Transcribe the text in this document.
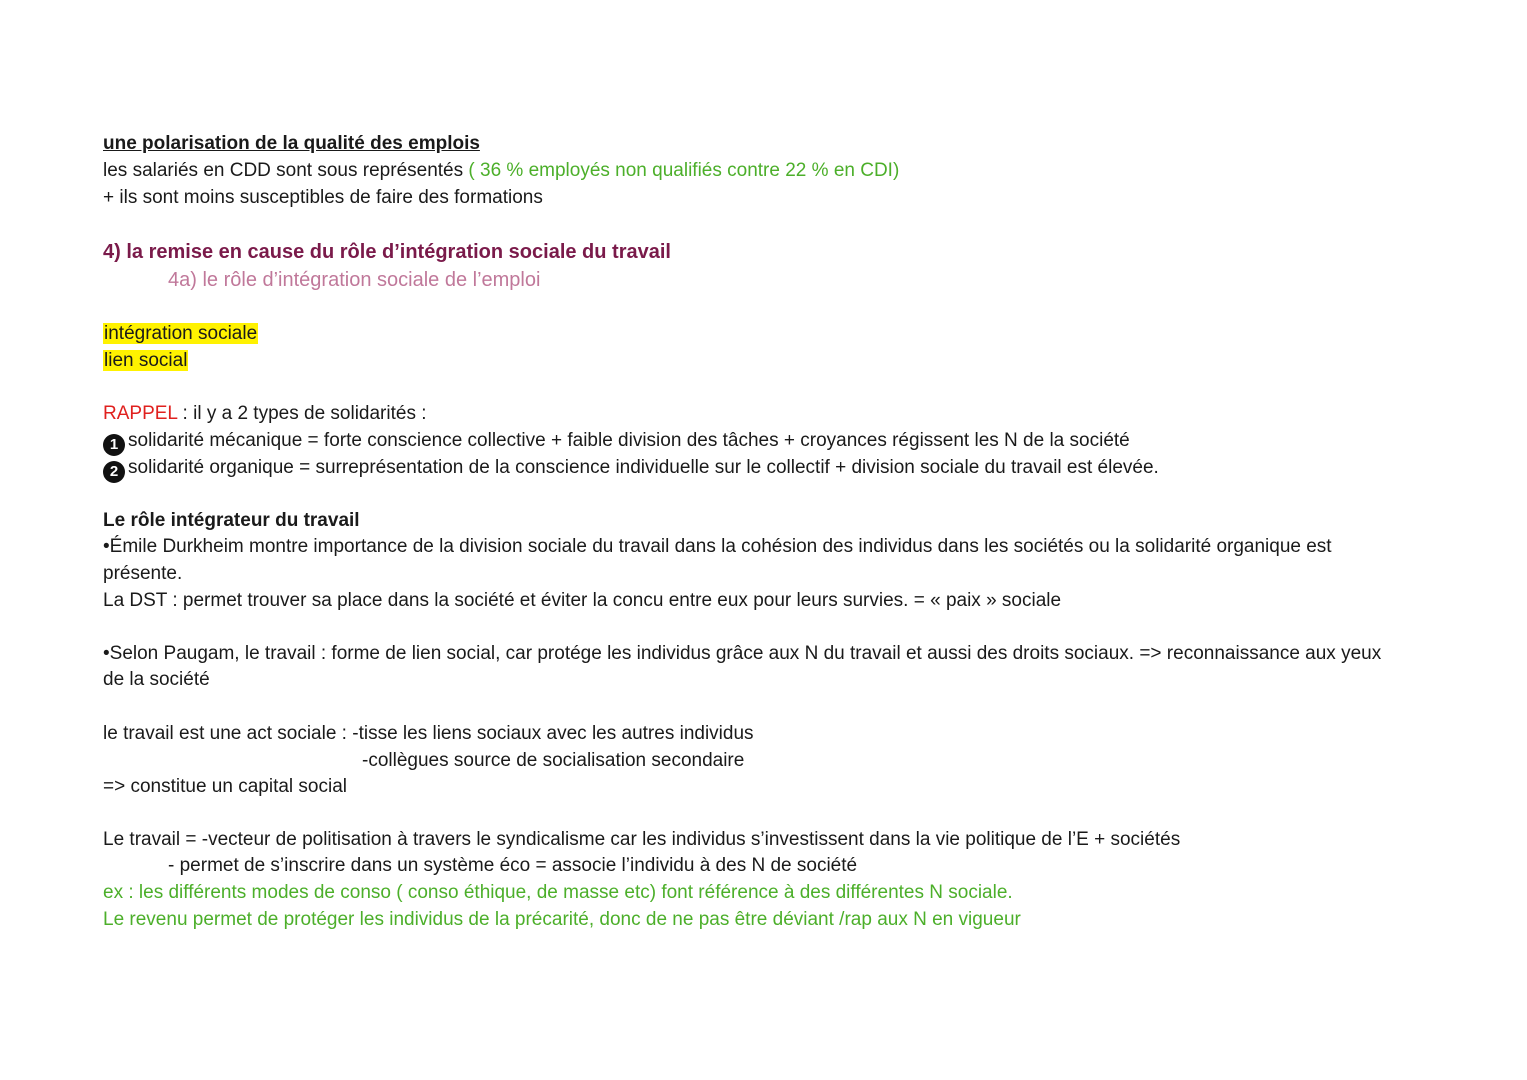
une polarisation de la qualité des emplois

les salariés en CDD sont sous représentés ( 36 % employés non qualifiés contre 22 % en CDI)

+ ils sont moins susceptibles de faire des formations

4) la remise en cause du rôle d’intégration sociale du travail

4a) le rôle d’intégration sociale de l’emploi

intégration sociale

lien social

RAPPEL : il y a 2 types de solidarités :

1 solidarité mécanique = forte conscience collective + faible division des tâches + croyances régissent les N de la société

2 solidarité organique = surreprésentation de la conscience individuelle sur le collectif + division sociale du travail est élevée.

Le rôle intégrateur du travail

•Émile Durkheim montre importance de la division sociale du travail dans la cohésion des individus dans les sociétés ou la solidarité organique est

présente.

La DST : permet trouver sa place dans la société et éviter la concu entre eux pour leurs survies. = « paix » sociale

•Selon Paugam, le travail : forme de lien social, car protége les individus grâce aux N du travail et aussi des droits sociaux. => reconnaissance aux yeux

de la société

le travail est une act sociale : -tisse les liens sociaux avec les autres individus

-collègues source de socialisation secondaire

=> constitue un capital social

Le travail = -vecteur de politisation à travers le syndicalisme car les individus s’investissent dans la vie politique de l’E + sociétés

- permet de s’inscrire dans un système éco = associe l’individu à des N de société

ex : les différents modes de conso ( conso éthique, de masse etc) font référence à des différentes N sociale.

Le revenu permet de protéger les individus de la précarité, donc de ne pas être déviant /rap aux N en vigueur
